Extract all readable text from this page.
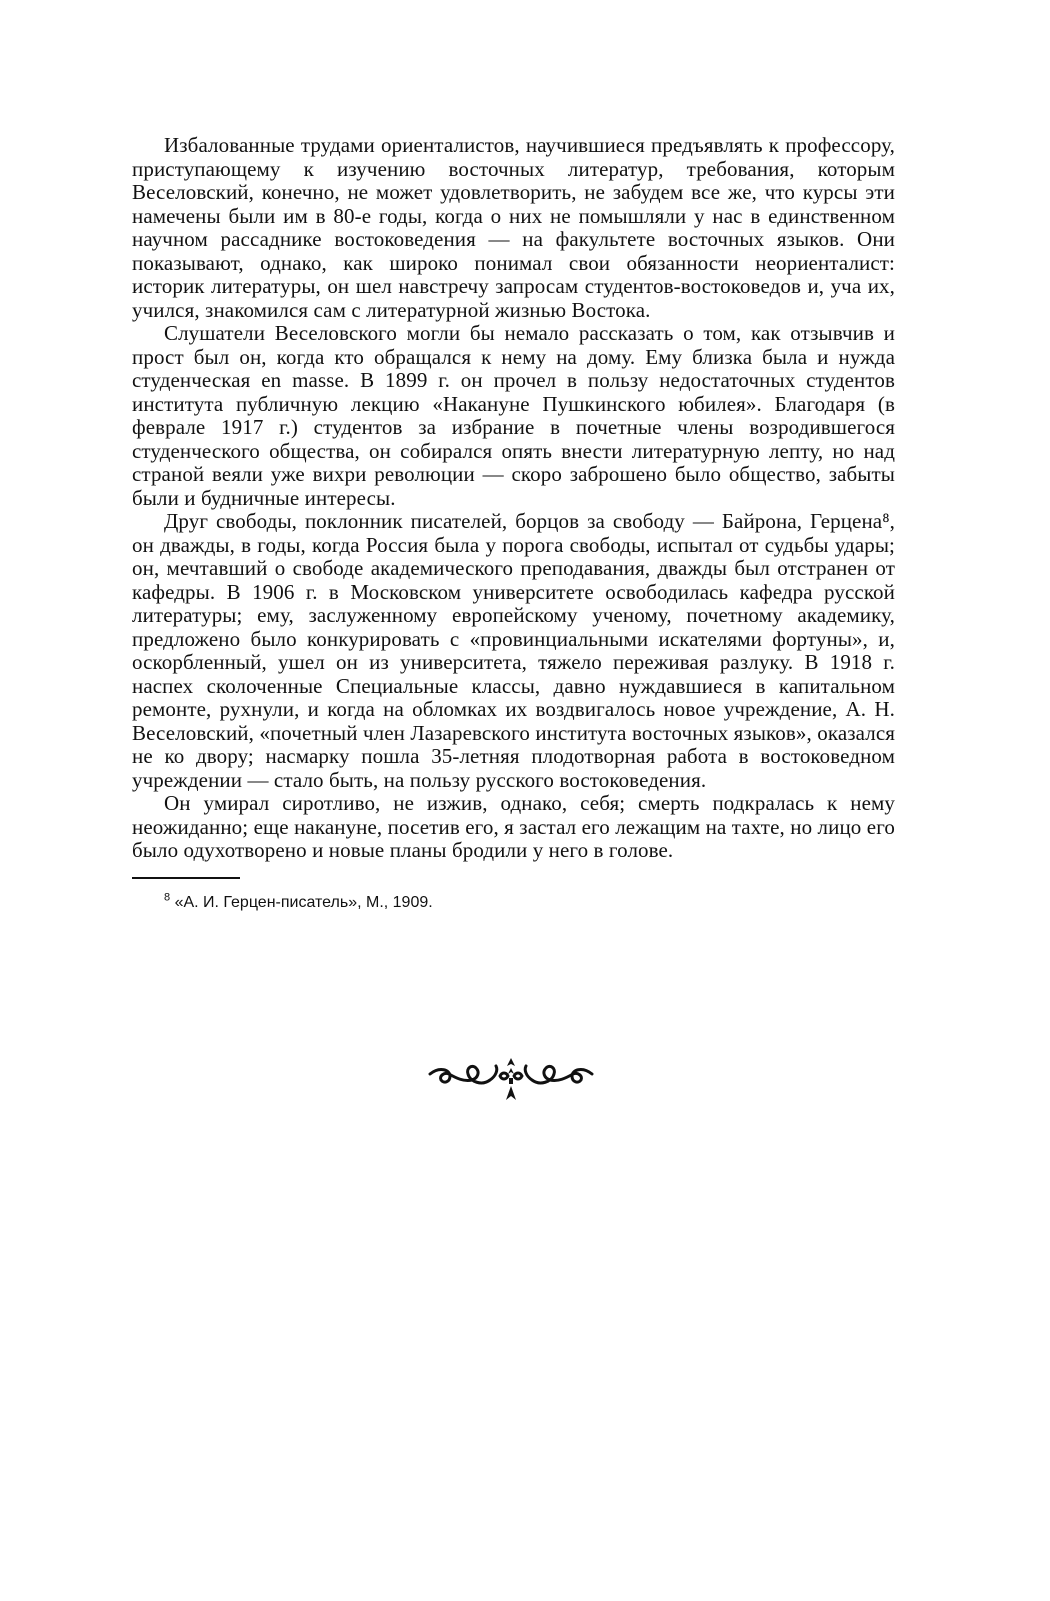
Избалованные трудами ориенталистов, научившиеся предъявлять к профессору, приступающему к изучению восточных литератур, требования, которым Веселовский, конечно, не может удовлетворить, не забудем все же, что курсы эти намечены были им в 80-е годы, когда о них не помышляли у нас в единственном научном рассаднике востоковедения — на факультете восточных языков. Они показывают, однако, как широко понимал свои обязанности неориенталист: историк литературы, он шел навстречу запросам студентов-востоковедов и, уча их, учился, знакомился сам с литературной жизнью Востока.

Слушатели Веселовского могли бы немало рассказать о том, как отзывчив и прост был он, когда кто обращался к нему на дому. Ему близка была и нужда студенческая en masse. В 1899 г. он прочел в пользу недостаточных студентов института публичную лекцию «Накануне Пушкинского юбилея». Благодаря (в феврале 1917 г.) студентов за избрание в почетные члены возродившегося студенческого общества, он собирался опять внести литературную лепту, но над страной веяли уже вихри революции — скоро заброшено было общество, забыты были и будничные интересы.

Друг свободы, поклонник писателей, борцов за свободу — Байрона, Герцена⁸, он дважды, в годы, когда Россия была у порога свободы, испытал от судьбы удары; он, мечтавший о свободе академического преподавания, дважды был отстранен от кафедры. В 1906 г. в Московском университете освободилась кафедра русской литературы; ему, заслуженному европейскому ученому, почетному академику, предложено было конкурировать с «провинциальными искателями фортуны», и, оскорбленный, ушел он из университета, тяжело переживая разлуку. В 1918 г. наспех сколоченные Специальные классы, давно нуждавшиеся в капитальном ремонте, рухнули, и когда на обломках их воздвигалось новое учреждение, А. Н. Веселовский, «почетный член Лазаревского института восточных языков», оказался не ко двору; насмарку пошла 35-летняя плодотворная работа в востоковедном учреждении — стало быть, на пользу русского востоковедения.

Он умирал сиротливо, не изжив, однако, себя; смерть подкралась к нему неожиданно; еще накануне, посетив его, я застал его лежащим на тахте, но лицо его было одухотворено и новые планы бродили у него в голове.

$^8$ «А. И. Герцен-писатель», М., 1909.
